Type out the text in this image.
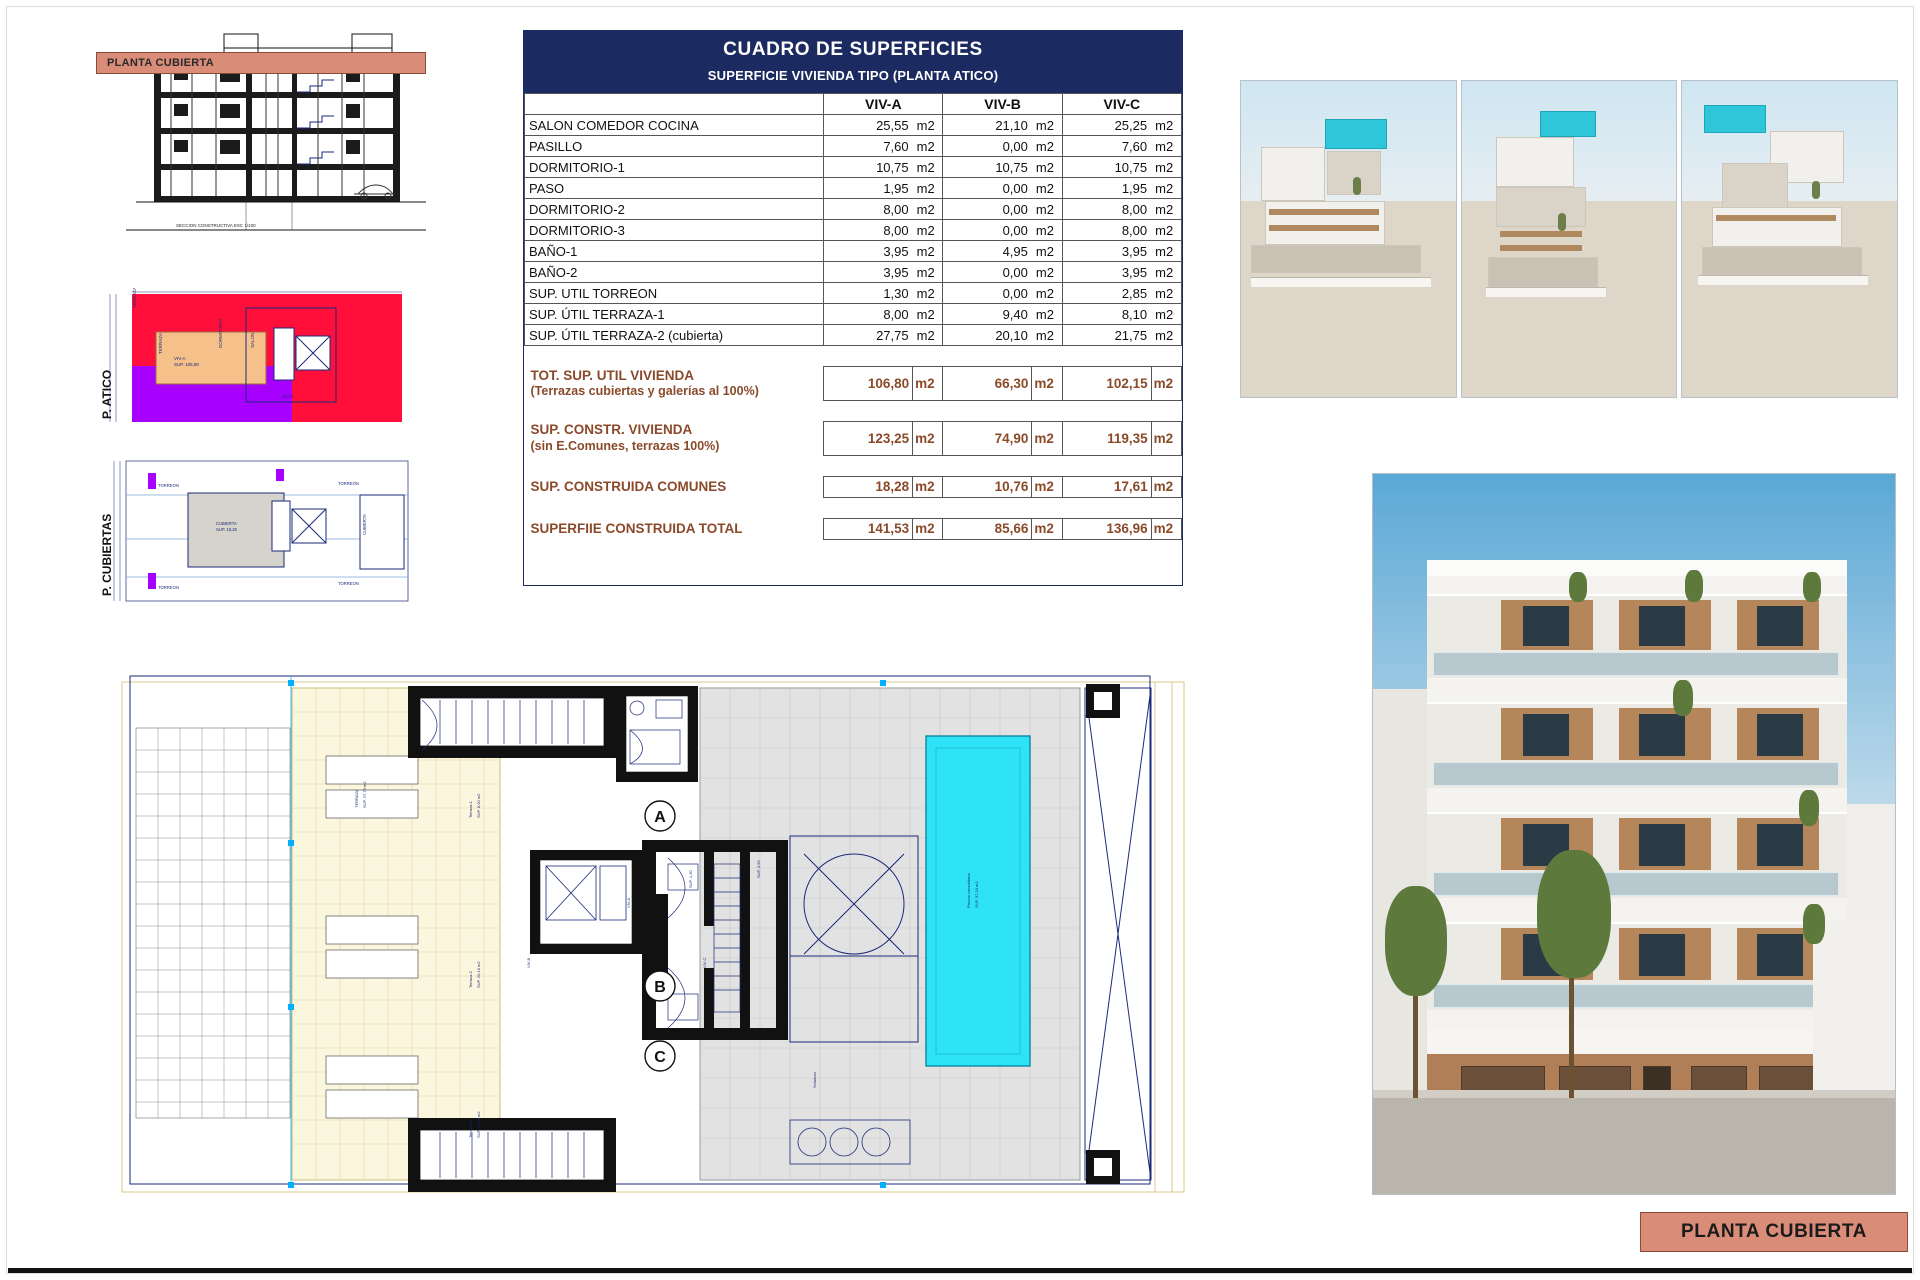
SECCION CONSTRUCTIVA ESC 1/100
PLANTA CUBIERTA
P. ATICO
TERRAZA
VIV-A
SUP. 106,80
DORMITORIO	SALON
VIV-C
TERRAZA
P. CUBIERTAS
TORREON
CUBIERTA
SUP. 18,28	CUBIERTA
TORREON
TORREON
TORREON
CUADRO DE SUPERFICIES
SUPERFICIE VIVIENDA TIPO (PLANTA ATICO)
	VIV-A		VIV-B		VIV-C	
SALON COMEDOR COCINA	25,55	m2	21,10	m2	25,25	m2
PASILLO	7,60	m2	0,00	m2	7,60	m2
DORMITORIO-1	10,75	m2	10,75	m2	10,75	m2
PASO	1,95	m2	0,00	m2	1,95	m2
DORMITORIO-2	8,00	m2	0,00	m2	8,00	m2
DORMITORIO-3	8,00	m2	0,00	m2	8,00	m2
BAÑO-1	3,95	m2	4,95	m2	3,95	m2
BAÑO-2	3,95	m2	0,00	m2	3,95	m2
SUP. UTIL TORREON	1,30	m2	0,00	m2	2,85	m2
SUP. ÚTIL TERRAZA-1	8,00	m2	9,40	m2	8,10	m2
SUP. ÚTIL TERRAZA-2 (cubierta)	27,75	m2	20,10	m2	21,75	m2

TOT. SUP. UTIL VIVIENDA
(Terrazas cubiertas y galerías al 100%)	106,80	m2	66,30	m2	102,15	m2

SUP. CONSTR. VIVIENDA
(sin E.Comunes, terrazas 100%)	123,25	m2	74,90	m2	119,35	m2

SUP. CONSTRUIDA COMUNES	18,28	m2	10,76	m2	17,61	m2

SUPERFIIE CONSTRUIDA TOTAL	141,53	m2	85,66	m2	136,96	m2
A
B
C
TERRAZA SUP. 27,75 m2
Terraza-1 SUP. 8,00 m2
Terraza-2 SUP. 20,10 m2
Terraza-C SUP. 21,75 m2
VIV-B
VIV-A
VIV-C
Piscina comunitaria SUP. 37,20 m2
Solarium
SUP. 3,95
SUP. 1,30
PLANTA CUBIERTA
